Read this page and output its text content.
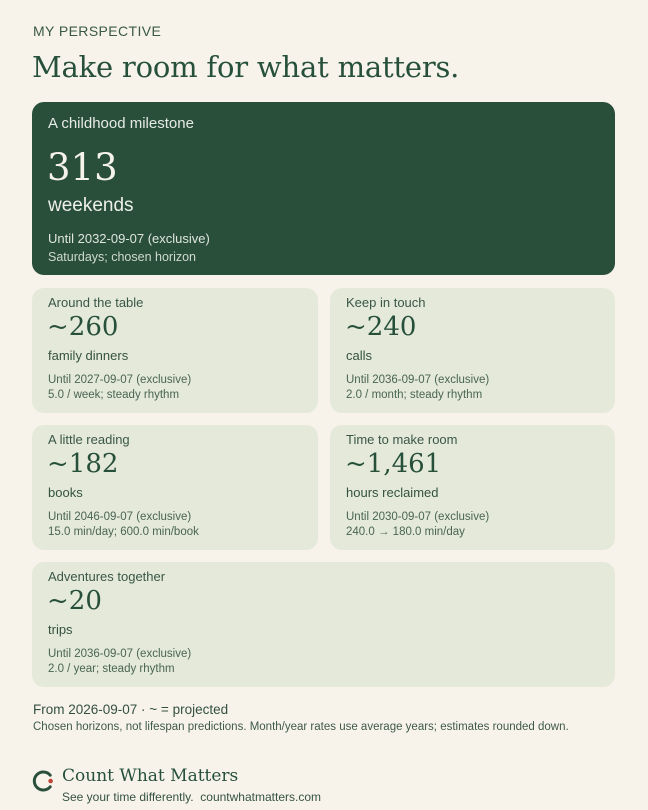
MY PERSPECTIVE
Make room for what matters.
A childhood milestone
313
weekends
Until 2032-09-07 (exclusive)
Saturdays; chosen horizon
Around the table
~260
family dinners
Until 2027-09-07 (exclusive)
5.0 / week; steady rhythm
Keep in touch
~240
calls
Until 2036-09-07 (exclusive)
2.0 / month; steady rhythm
A little reading
~182
books
Until 2046-09-07 (exclusive)
15.0 min/day; 600.0 min/book
Time to make room
~1,461
hours reclaimed
Until 2030-09-07 (exclusive)
240.0 → 180.0 min/day
Adventures together
~20
trips
Until 2036-09-07 (exclusive)
2.0 / year; steady rhythm
From 2026-09-07 · ~ = projected
Chosen horizons, not lifespan predictions. Month/year rates use average years; estimates rounded down.
Count What Matters
See your time differently.  countwhatmatters.com
